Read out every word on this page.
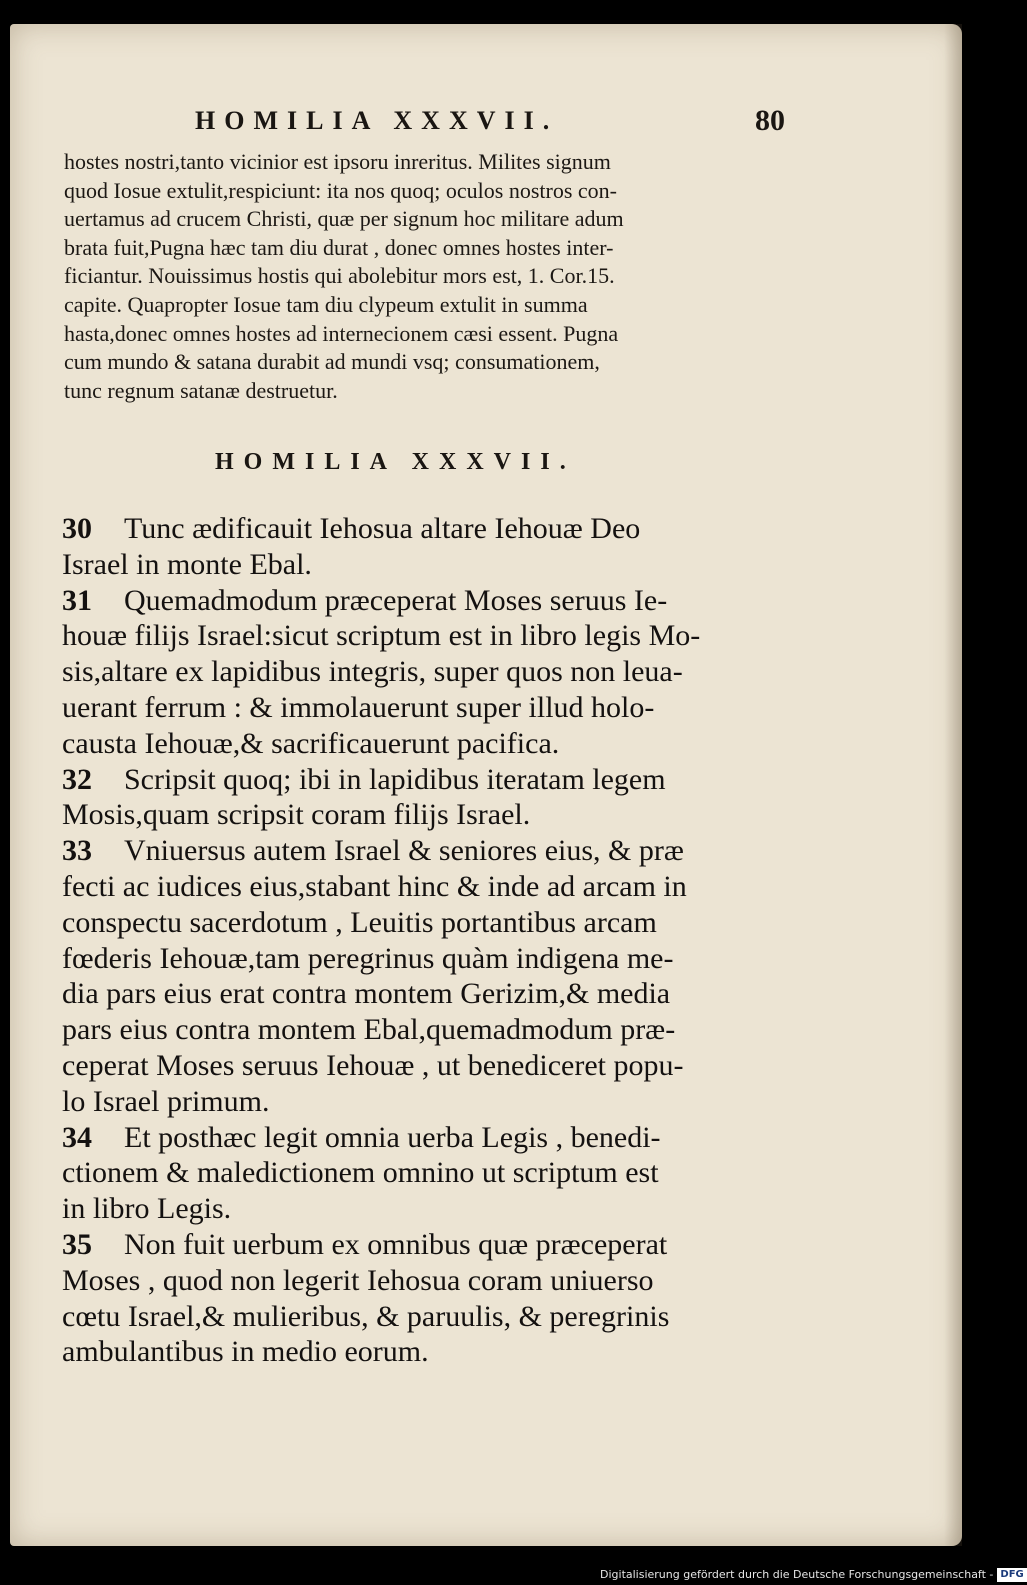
HOMILIA XXXVII.	80
hostes nostri,tanto vicinior est ipsoru inreritus. Milites signum
quod Iosue extulit,respiciunt: ita nos quoq; oculos nostros con-
uertamus ad crucem Christi, quæ per signum hoc militare adum
brata fuit,Pugna hæc tam diu durat , donec omnes hostes inter-
ficiantur. Nouissimus hostis qui abolebitur mors est, 1. Cor.15.
capite. Quapropter Iosue tam diu clypeum extulit in summa
hasta,donec omnes hostes ad internecionem cæsi essent. Pugna
cum mundo & satana durabit ad mundi vsq; consumationem,
tunc regnum satanæ destruetur.
HOMILIA XXXVII.
30 Tunc ædificauit Iehosua altare Iehouæ Deo
Israel in monte Ebal.
31 Quemadmodum præceperat Moses seruus Ie-
houæ filijs Israel:sicut scriptum est in libro legis Mo-
sis,altare ex lapidibus integris, super quos non leua-
uerant ferrum : & immolauerunt super illud holo-
causta Iehouæ,& sacrificauerunt pacifica.
32 Scripsit quoq; ibi in lapidibus iteratam legem
Mosis,quam scripsit coram filijs Israel.
33 Vniuersus autem Israel & seniores eius, & præ
fecti ac iudices eius,stabant hinc & inde ad arcam in
conspectu sacerdotum , Leuitis portantibus arcam
fœderis Iehouæ,tam peregrinus quàm indigena me-
dia pars eius erat contra montem Gerizim,& media
pars eius contra montem Ebal,quemadmodum præ-
ceperat Moses seruus Iehouæ , ut benediceret popu-
lo Israel primum.
34 Et posthæc legit omnia uerba Legis , benedi-
ctionem & maledictionem omnino ut scriptum est
in libro Legis.
35 Non fuit uerbum ex omnibus quæ præceperat
Moses , quod non legerit Iehosua coram uniuerso
cœtu Israel,& mulieribus, & paruulis, & peregrinis
ambulantibus in medio eorum.
Digitalisierung gefördert durch die Deutsche Forschungsgemeinschaft - DFG
